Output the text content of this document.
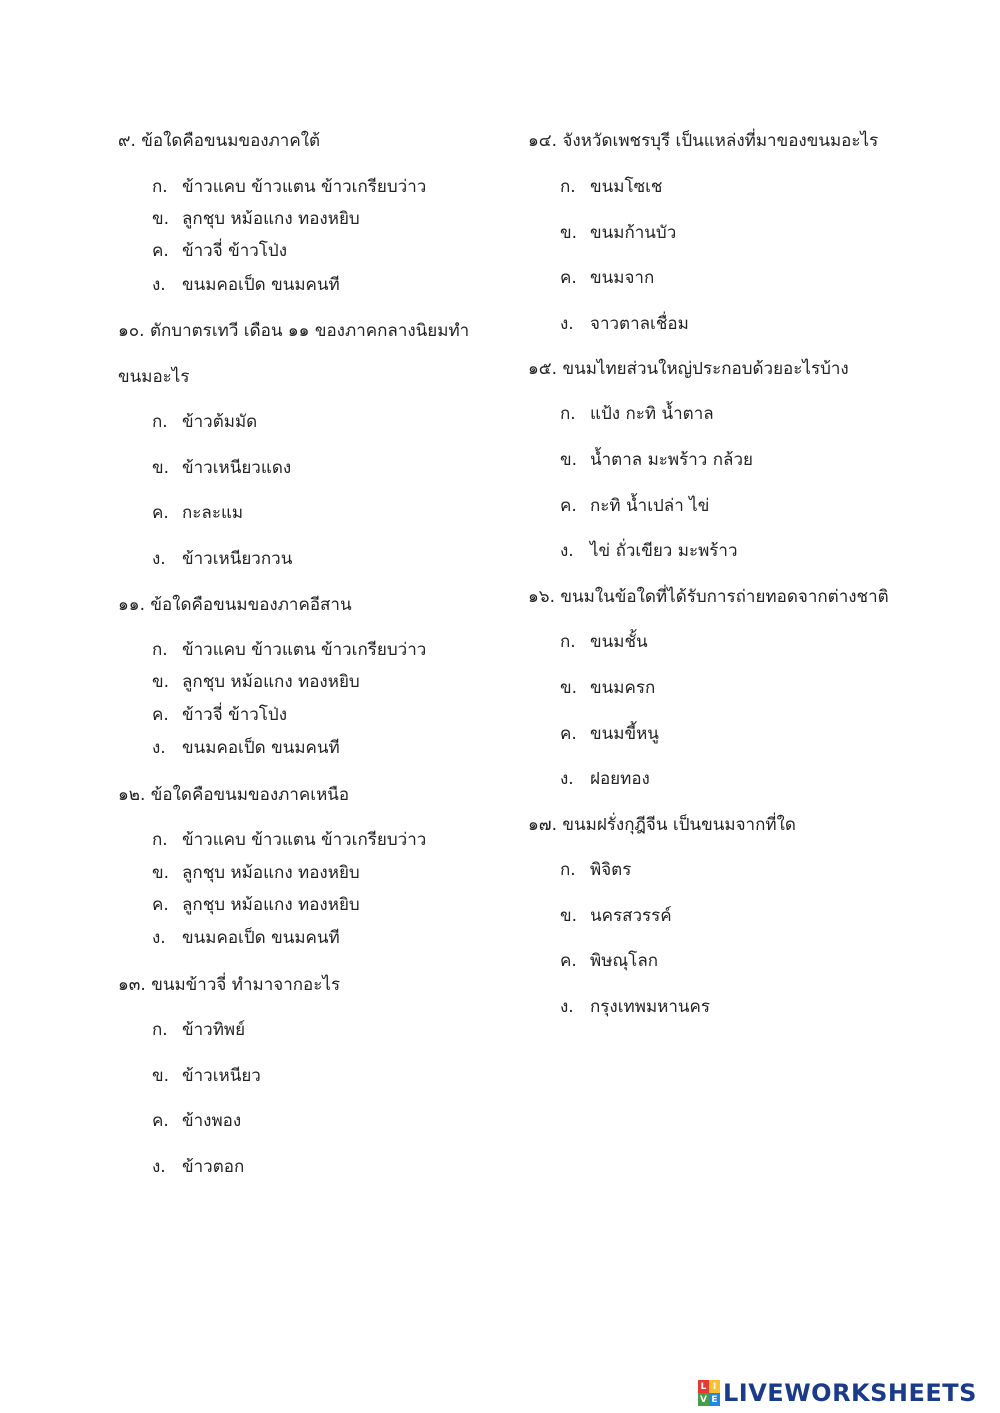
๙. ข้อใดคือขนมของภาคใต้
ก. ข้าวแคบ ข้าวแตน ข้าวเกรียบว่าว
ข. ลูกชุบ หม้อแกง ทองหยิบ
ค. ข้าวจี่ ข้าวโป่ง
ง. ขนมคอเป็ด ขนมคนที
๑๐. ตักบาตรเทวี เดือน ๑๑ ของภาคกลางนิยมทำ
ขนมอะไร
ก. ข้าวต้มมัด
ข. ข้าวเหนียวแดง
ค. กะละแม
ง. ข้าวเหนียวกวน
๑๑. ข้อใดคือขนมของภาคอีสาน
ก. ข้าวแคบ ข้าวแตน ข้าวเกรียบว่าว
ข. ลูกชุบ หม้อแกง ทองหยิบ
ค. ข้าวจี่ ข้าวโป่ง
ง. ขนมคอเป็ด ขนมคนที
๑๒. ข้อใดคือขนมของภาคเหนือ
ก. ข้าวแคบ ข้าวแตน ข้าวเกรียบว่าว
ข. ลูกชุบ หม้อแกง ทองหยิบ
ค. ลูกชุบ หม้อแกง ทองหยิบ
ง. ขนมคอเป็ด ขนมคนที
๑๓. ขนมข้าวจี่ ทำมาจากอะไร
ก. ข้าวทิพย์
ข. ข้าวเหนียว
ค. ข้างพอง
ง. ข้าวตอก
๑๔. จังหวัดเพชรบุรี เป็นแหล่งที่มาของขนมอะไร
ก. ขนมโซเช
ข. ขนมก้านบัว
ค. ขนมจาก
ง. จาวตาลเชื่อม
๑๕. ขนมไทยส่วนใหญ่ประกอบด้วยอะไรบ้าง
ก. แป้ง กะทิ น้ำตาล
ข. น้ำตาล มะพร้าว กล้วย
ค. กะทิ น้ำเปล่า ไข่
ง. ไข่ ถั่วเขียว มะพร้าว
๑๖. ขนมในข้อใดที่ได้รับการถ่ายทอดจากต่างชาติ
ก. ขนมชั้น
ข. ขนมครก
ค. ขนมขี้หนู
ง. ฝอยทอง
๑๗. ขนมฝรั่งกุฎีจีน เป็นขนมจากที่ใด
ก. พิจิตร
ข. นครสวรรค์
ค. พิษณุโลก
ง. กรุงเทพมหานคร
L I
V E LIVEWORKSHEETS
